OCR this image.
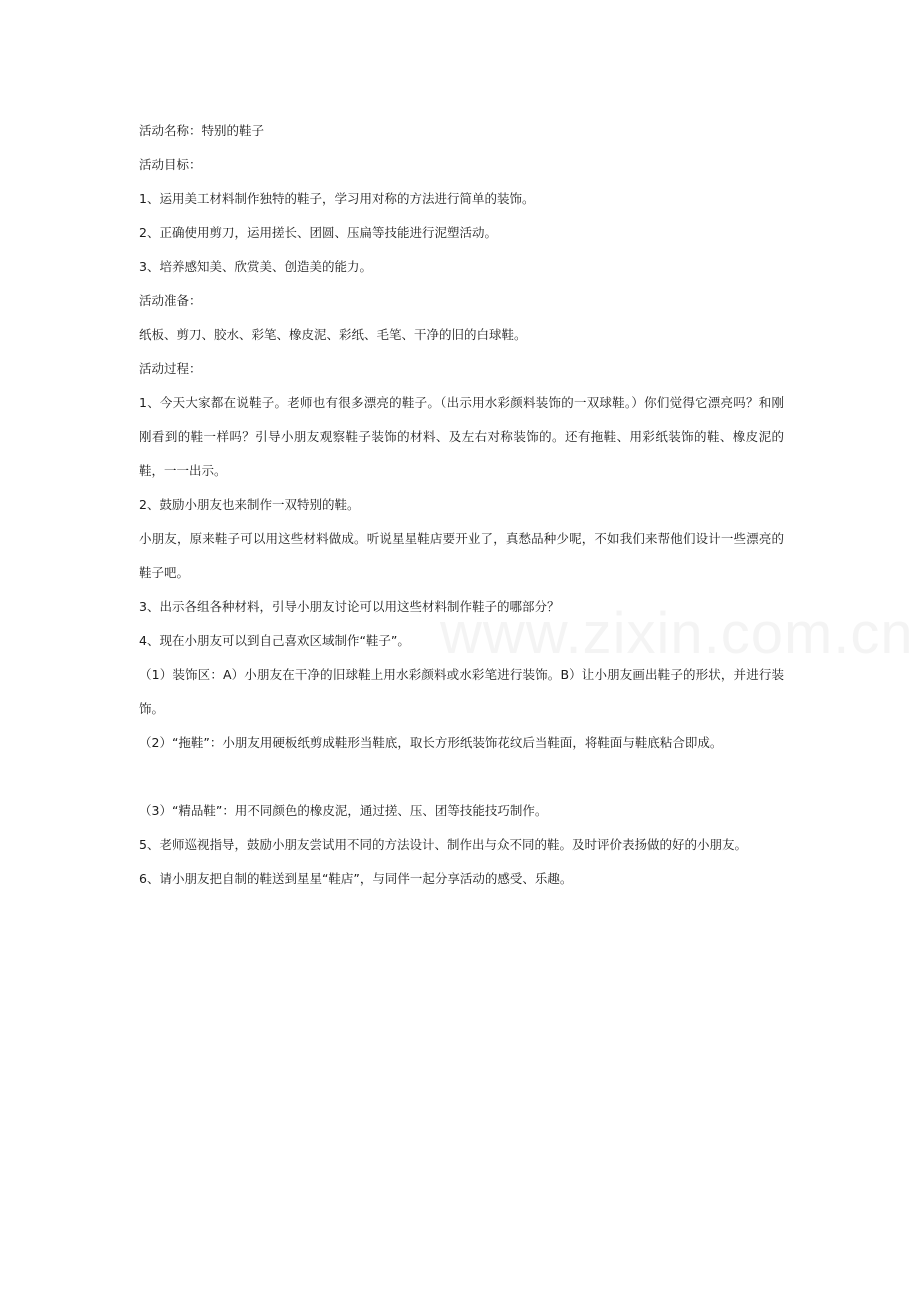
活动名称：特别的鞋子

活动目标：

1、运用美工材料制作独特的鞋子，学习用对称的方法进行简单的装饰。

2、正确使用剪刀，运用搓长、团圆、压扁等技能进行泥塑活动。

3、培养感知美、欣赏美、创造美的能力。

活动准备：

纸板、剪刀、胶水、彩笔、橡皮泥、彩纸、毛笔、干净的旧的白球鞋。

活动过程：

1、今天大家都在说鞋子。老师也有很多漂亮的鞋子。（出示用水彩颜料装饰的一双球鞋。）你们觉得它漂亮吗？和刚刚看到的鞋一样吗？引导小朋友观察鞋子装饰的材料、及左右对称装饰的。还有拖鞋、用彩纸装饰的鞋、橡皮泥的鞋，一一出示。

2、鼓励小朋友也来制作一双特别的鞋。

小朋友，原来鞋子可以用这些材料做成。听说星星鞋店要开业了，真愁品种少呢，不如我们来帮他们设计一些漂亮的鞋子吧。

3、出示各组各种材料，引导小朋友讨论可以用这些材料制作鞋子的哪部分？

4、现在小朋友可以到自己喜欢区域制作“鞋子”。

（1）装饰区：A）小朋友在干净的旧球鞋上用水彩颜料或水彩笔进行装饰。B）让小朋友画出鞋子的形状，并进行装饰。

（2）“拖鞋”：小朋友用硬板纸剪成鞋形当鞋底，取长方形纸装饰花纹后当鞋面，将鞋面与鞋底粘合即成。

（3）“精品鞋”：用不同颜色的橡皮泥，通过搓、压、团等技能技巧制作。

5、老师巡视指导，鼓励小朋友尝试用不同的方法设计、制作出与众不同的鞋。及时评价表扬做的好的小朋友。

6、请小朋友把自制的鞋送到星星“鞋店”，与同伴一起分享活动的感受、乐趣。

www.zixin.com.cn
